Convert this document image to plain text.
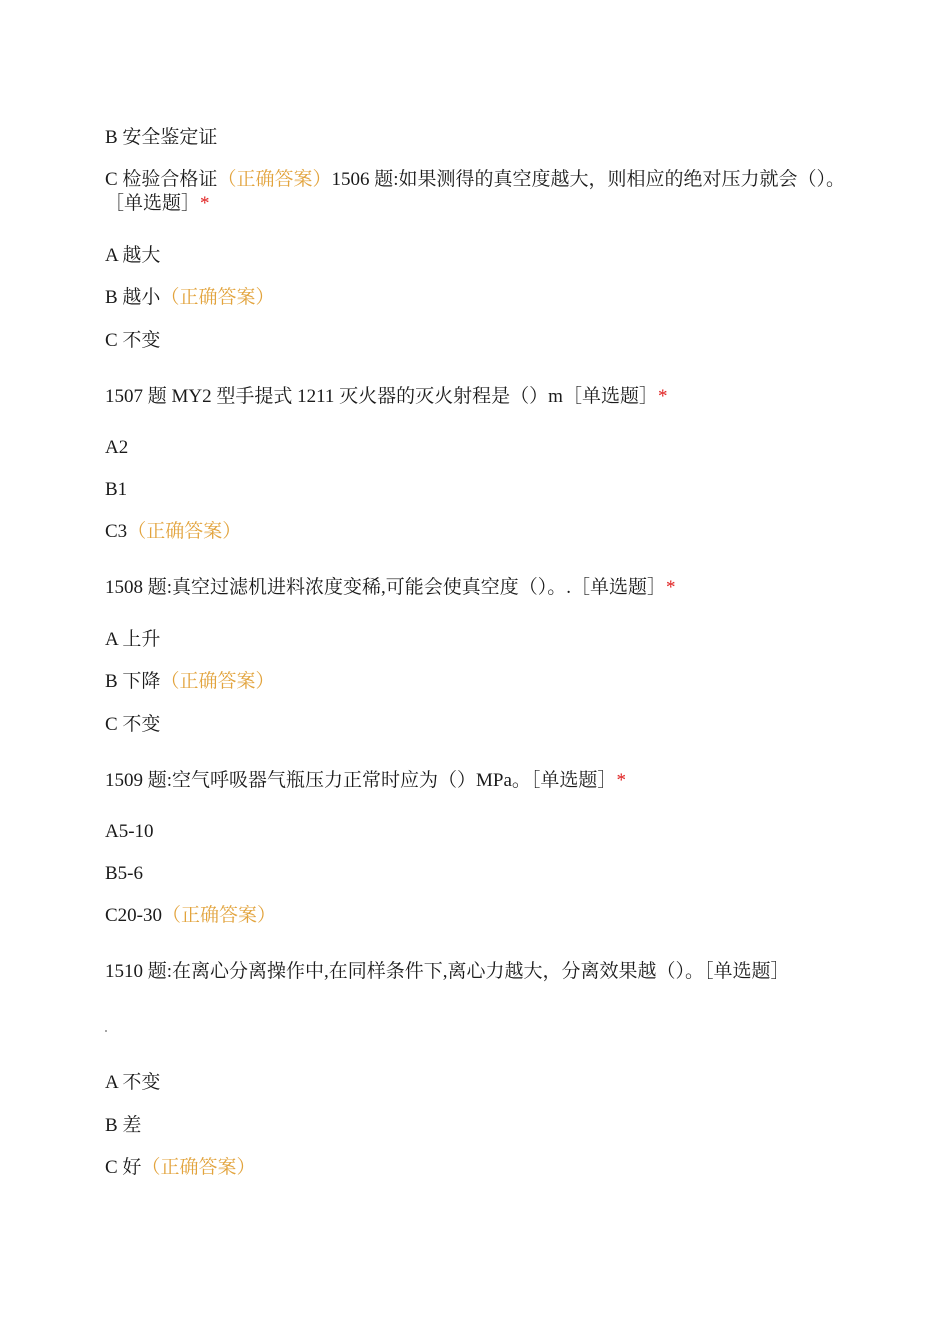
B 安全鉴定证
C 检验合格证（正确答案）1506 题:如果测得的真空度越大，则相应的绝对压力就会（）。［单选题］*
A 越大
B 越小（正确答案）
C 不变
1507 题 MY2 型手提式 1211 灭火器的灭火射程是（）m［单选题］*
A2
B1
C3（正确答案）
1508 题:真空过滤机进料浓度变稀,可能会使真空度（）。.［单选题］*
A 上升
B 下降（正确答案）
C 不变
1509 题:空气呼吸器气瓶压力正常时应为（）MPa。［单选题］*
A5-10
B5-6
C20-30（正确答案）
1510 题:在离心分离操作中,在同样条件下,离心力越大，分离效果越（）。［单选题］
A 不变
B 差
C 好（正确答案）
